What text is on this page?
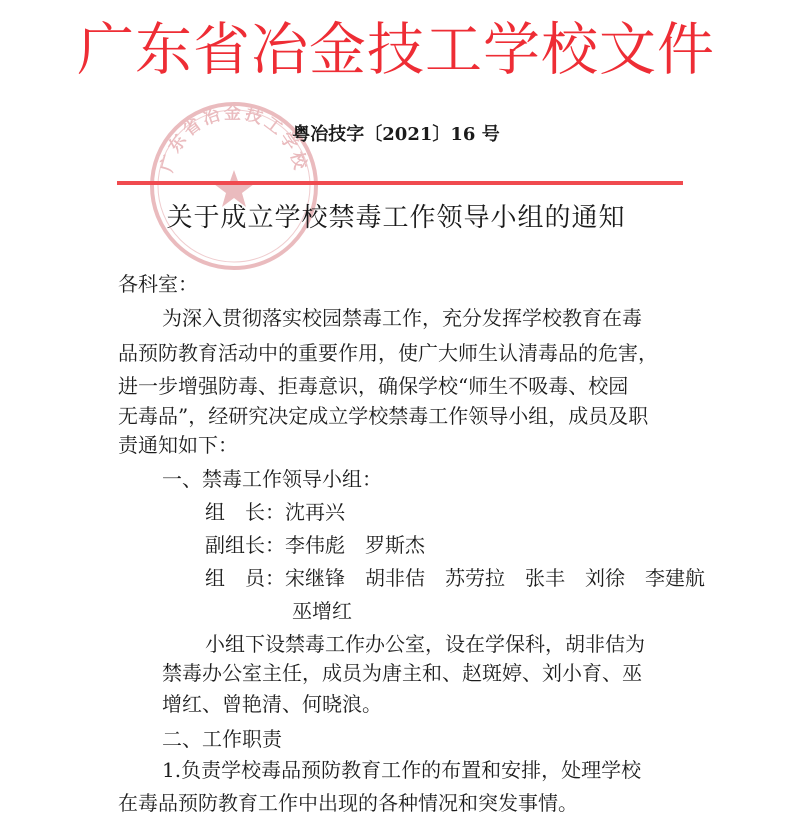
广东省冶金技工学校文件
广东省冶金技工学校
粤冶技字〔2021〕16 号
关于成立学校禁毒工作领导小组的通知
各科室：
为深入贯彻落实校园禁毒工作，充分发挥学校教育在毒
品预防教育活动中的重要作用，使广大师生认清毒品的危害，
进一步增强防毒、拒毒意识，确保学校“师生不吸毒、校园
无毒品”，经研究决定成立学校禁毒工作领导小组，成员及职
责通知如下：
一、禁毒工作领导小组：
组　长：沈再兴
副组长：李伟彪　罗斯杰
组　员：宋继锋　胡非佶　苏劳拉　张丰　刘徐　李建航
巫增红
小组下设禁毒工作办公室，设在学保科，胡非佶为
禁毒办公室主任，成员为唐主和、赵斑婷、刘小育、巫
增红、曾艳清、何晓浪。
二、工作职责
1.负责学校毒品预防教育工作的布置和安排，处理学校
在毒品预防教育工作中出现的各种情况和突发事情。
